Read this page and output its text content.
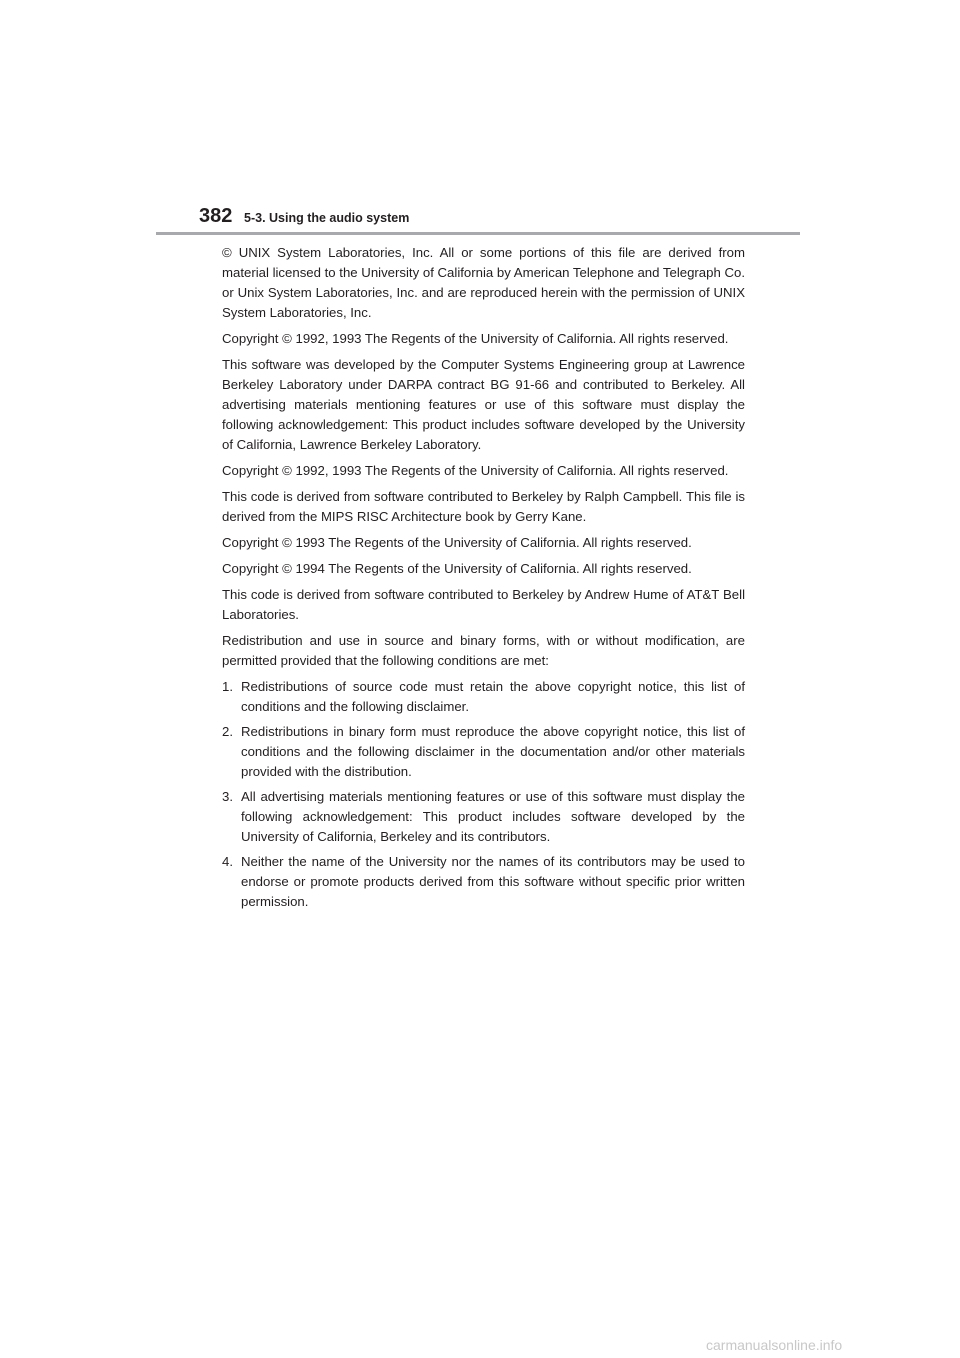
382 5-3. Using the audio system

© UNIX System Laboratories, Inc. All or some portions of this file are derived from material licensed to the University of California by American Telephone and Telegraph Co. or Unix System Laboratories, Inc. and are reproduced herein with the permission of UNIX System Laboratories, Inc.

Copyright © 1992, 1993 The Regents of the University of California. All rights reserved.

This software was developed by the Computer Systems Engineering group at Lawrence Berkeley Laboratory under DARPA contract BG 91-66 and contributed to Berkeley. All advertising materials mentioning features or use of this software must display the following acknowledgement: This product includes software developed by the University of California, Lawrence Berkeley Laboratory.

Copyright © 1992, 1993 The Regents of the University of California. All rights reserved.

This code is derived from software contributed to Berkeley by Ralph Campbell. This file is derived from the MIPS RISC Architecture book by Gerry Kane.

Copyright © 1993 The Regents of the University of California. All rights reserved.

Copyright © 1994 The Regents of the University of California. All rights reserved.

This code is derived from software contributed to Berkeley by Andrew Hume of AT&T Bell Laboratories.

Redistribution and use in source and binary forms, with or without modification, are permitted provided that the following conditions are met:

1. Redistributions of source code must retain the above copyright notice, this list of conditions and the following disclaimer.
2. Redistributions in binary form must reproduce the above copyright notice, this list of conditions and the following disclaimer in the documentation and/or other materials provided with the distribution.
3. All advertising materials mentioning features or use of this software must display the following acknowledgement: This product includes software developed by the University of California, Berkeley and its contributors.
4. Neither the name of the University nor the names of its contributors may be used to endorse or promote products derived from this software without specific prior written permission.
carmanualsonline.info
